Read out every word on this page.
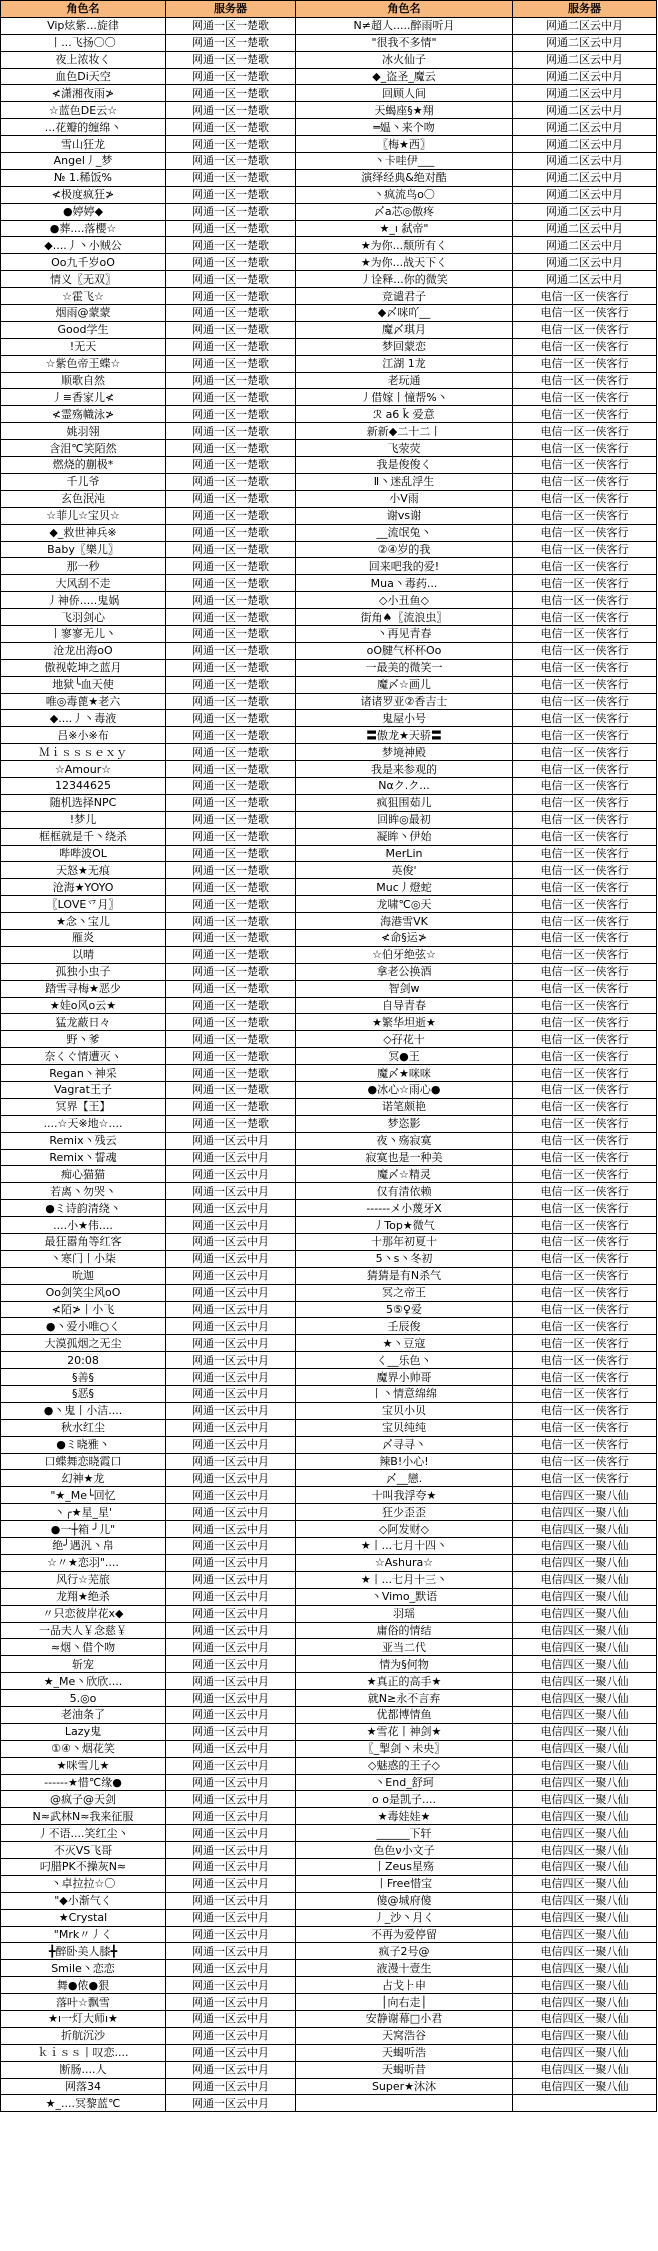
角色名	服务器	角色名	服务器
Vip炫紫...旋律	网通一区一楚歌	N≠超人.....醉雨听月	网通二区云中月
丨...飞扬〇〇	网通一区一楚歌	"很我不多情"	网通二区云中月
夜上浓妆く	网通一区一楚歌	冰火仙子	网通二区云中月
血色Di天空	网通一区一楚歌	◆_盗圣_魔云	网通二区云中月
≮潇湘夜雨≯	网通一区一楚歌	回顾人间	网通二区云中月
☆蓝色DE云☆	网通一区一楚歌	天蝎座§★翔	网通二区云中月
...花瓣的缠绵丶	网通一区一楚歌	═媪丶来个吻	网通二区云中月
雪山狂龙	网通一区一楚歌	〖梅★西〗	网通二区云中月
Angel丿_梦	网通一区一楚歌	丶卡哇伊___	网通二区云中月
№ 1.稀饭%	网通一区一楚歌	演绎经典&绝对酷	网通二区云中月
≮极度疯狂≯	网通一区一楚歌	丶疯流鸟o〇	网通二区云中月
●婷婷◆	网通一区一楚歌	〆a芯◎傲疼	网通二区云中月
●葬....落櫻☆	网通一区一楚歌	★_ı 弑帝"	网通二区云中月
◆....丿丶小贼公	网通一区一楚歌	★为你...颓所有く	网通二区云中月
Oo九千岁oO	网通一区一楚歌	★为你...战天下く	网通二区云中月
情义〖无双〗	网通一区一楚歌	丿诠释...你的微笑	网通二区云中月
☆霍飞☆	网通一区一楚歌	竞谴君子	电信一区一侠客行
烟雨@蒙蒙	网通一区一楚歌	◆〆咪吖__	电信一区一侠客行
Good学生	网通一区一楚歌	魔〆琪月	电信一区一侠客行
!无天	网通一区一楚歌	梦回蒙恋	电信一区一侠客行
☆紫色帝王蝶☆	网通一区一楚歌	江湖 1龙	电信一区一侠客行
顺歌自然	网通一区一楚歌	老玩通	电信一区一侠客行
丿≡香家儿≮	网通一区一楚歌	丿借嫁丨憧帮%丶	电信一区一侠客行
≮霊殇幟泳≯	网通一区一楚歌	ℛ a6 ǩ 爱意	电信一区一侠客行
姚羽翎	网通一区一楚歌	新新◆二十二丨	电信一区一侠客行
含泪℃笑陌然	网通一区一楚歌	飞荥荧	电信一区一侠客行
燃烧的蒯极*	网通一区一楚歌	我是俊俊く	电信一区一侠客行
千儿爷	网通一区一楚歌	Ⅱ丶迷乱浮生	电信一区一侠客行
玄色泯沌	网通一区一楚歌	小V雨	电信一区一侠客行
☆菲儿☆宝贝☆	网通一区一楚歌	谢vs谢	电信一区一侠客行
◆_救世神兵※	网通一区一楚歌	__流氓兔丶	电信一区一侠客行
Baby〖樂儿〗	网通一区一楚歌	②④岁的我	电信一区一侠客行
那一秒	网通一区一楚歌	回来吧我的爱!	电信一区一侠客行
大风刮不走	网通一区一楚歌	Mua丶毒药...	电信一区一侠客行
丿神侨.....鬼娲	网通一区一楚歌	◇小丑鱼◇	电信一区一侠客行
飞羽剑心	网通一区一楚歌	街角♠〖流浪虫〗	电信一区一侠客行
丨寥寥无儿丶	网通一区一楚歌	丶再见青春	电信一区一侠客行
沧龙出海oO	网通一区一楚歌	oO腱气杯杯Oo	电信一区一侠客行
傲视乾坤之蓝月	网通一区一楚歌	一最美的微笑一	电信一区一侠客行
地狱╰血天使	网通一区一楚歌	魔〆☆画儿	电信一区一侠客行
唯◎毒蓖★老六	网通一区一楚歌	诸诸罗亚②香吉士	电信一区一侠客行
◆....丿丶毒液	网通一区一楚歌	鬼屋小号	电信一区一侠客行
吕※小※布	网通一区一楚歌	〓傲龙★天骄〓	电信一区一侠客行
Ｍｉｓｓｓｅｘｙ	网通一区一楚歌	梦境神殿	电信一区一侠客行
☆Amour☆	网通一区一楚歌	我是来参观的	电信一区一侠客行
12344625	网通一区一楚歌	Nαク.ク...	电信一区一侠客行
随机选择NPC	网通一区一楚歌	疯狙围茹儿	电信一区一侠客行
!梦儿	网通一区一楚歌	回眸◎最初	电信一区一侠客行
框框就是千丶绕杀	网通一区一楚歌	凝眸丶伊始	电信一区一侠客行
哔哔波OL	网通一区一楚歌	MerLin	电信一区一侠客行
天怒★无痕	网通一区一楚歌	英俊'	电信一区一侠客行
沧海★YOYO	网通一区一楚歌	Muc丿燈蛇	电信一区一侠客行
〖LOVE乊月〗	网通一区一楚歌	龙啸℃◎天	电信一区一侠客行
★念丶宝儿	网通一区一楚歌	海港雪VK	电信一区一侠客行
雁炎	网通一区一楚歌	≮命§运≯	电信一区一侠客行
以晴	网通一区一楚歌	☆伯牙绝弦☆	电信一区一侠客行
孤独小虫子	网通一区一楚歌	拿老公换酒	电信一区一侠客行
踏雪寻梅★恶少	网通一区一楚歌	智剑w	电信一区一侠客行
★娃o风o云★	网通一区一楚歌	自导青春	电信一区一侠客行
猛龙蔽日々	网通一区一楚歌	★繁华坦逝★	电信一区一侠客行
野丶爹	网通一区一楚歌	◇孖花十	电信一区一侠客行
奈くぐ情遭灭ヽ	网通一区一楚歌	冥●王	电信一区一侠客行
Regan丶神采	网通一区一楚歌	魔〆★咪咪	电信一区一侠客行
Vagrat王子	网通一区一楚歌	●冰心☆雨心●	电信一区一侠客行
冥界【王】	网通一区一楚歌	诺笔颇艳	电信一区一侠客行
....☆天※地☆....	网通一区一楚歌	梦恣影	电信一区一侠客行
Remix丶残云	网通一区云中月	夜丶殇寂寞	电信一区一侠客行
Remix丶誓魂	网通一区云中月	寂寞也是一种美	电信一区一侠客行
痴心猫猫	网通一区云中月	魔〆☆精灵	电信一区一侠客行
若离丶勿哭丶	网通一区云中月	仅有清依赖	电信一区一侠客行
●ミ诗韵清绕丶	网通一区云中月	------メ小蔑牙X	电信一区一侠客行
....小★伟....	网通一区云中月	丿Top★微气	电信一区一侠客行
最狂嚣角等红客	网通一区云中月	十那年初夏十	电信一区一侠客行
丶寒门丨小柒	网通一区云中月	5丶s丶冬初	电信一区一侠客行
吮迦	网通一区云中月	猜猜是有N杀气	电信一区一侠客行
Oo剑笑尘风oO	网通一区云中月	冥之帝王	电信一区一侠客行
≮陌≯丨小飞	网通一区云中月	5⑤♀爱	电信一区一侠客行
●丶爱小唯○く	网通一区云中月	壬辰俊	电信一区一侠客行
大漠孤烟之无尘	网通一区云中月	★丶豆寇	电信一区一侠客行
20:08	网通一区云中月	く__乐色丶	电信一区一侠客行
§善§	网通一区云中月	魔界小帅哥	电信一区一侠客行
§恶§	网通一区云中月	丨丶情意绵绵	电信一区一侠客行
●丶鬼丨小洁....	网通一区云中月	宝贝小贝	电信一区一侠客行
秋水红尘	网通一区云中月	宝贝纯纯	电信一区一侠客行
●ミ晓雅丶	网通一区云中月	〆寻寻丶	电信一区一侠客行
口蝶舞恋晓霞口	网通一区云中月	辣B!小心!	电信一区一侠客行
幻神★龙	网通一区云中月	〆__戀.	电信一区一侠客行
"★_Me└回忆	网通一区云中月	十叫我浮夸★	电信四区一聚八仙
丶╭★星_星'	网通一区云中月	狂少歪歪	电信四区一聚八仙
●一┼箱 ╯儿"	网通一区云中月	◇阿发财◇	电信四区一聚八仙
绝╯遇汎丶帛	网通一区云中月	★丨...七月十四丶	电信四区一聚八仙
☆〃★恋羽"....	网通一区云中月	☆Ashura☆	电信四区一聚八仙
风行☆芜旅	网通一区云中月	★丨...七月十三丶	电信四区一聚八仙
龙翔★绝杀	网通一区云中月	丶Vimo_默语	电信四区一聚八仙
〃只恋彼岸花ⅹ◆	网通一区云中月	羽瑶	电信四区一聚八仙
一品夫人￥念慈￥	网通一区云中月	庸俗的情结	电信四区一聚八仙
≈烟丶借个吻	网通一区云中月	亚当二代	电信四区一聚八仙
斩宠	网通一区云中月	情为§何物	电信四区一聚八仙
★_Me丶欣欣....	网通一区云中月	★真正的高手★	电信四区一聚八仙
5.◎o	网通一区云中月	就N≥永不言弃	电信四区一聚八仙
老油条了	网通一区云中月	优都博情鱼	电信四区一聚八仙
Lazy鬼	网通一区云中月	★雪花丨神剑★	电信四区一聚八仙
①④丶烟花笑	网通一区云中月	〖_掣剑丶未央〗	电信四区一聚八仙
★咪雪儿★	网通一区云中月	◇魅惑的王子◇	电信四区一聚八仙
------★惜℃缘●	网通一区云中月	丶End_舒珂	电信四区一聚八仙
@疯子@天剑	网通一区云中月	o o是凯子....	电信四区一聚八仙
N≈武林N≈我来征服	网通一区云中月	★毒娃娃★	电信四区一聚八仙
丿不语....笑红尘丶	网通一区云中月	______下轩	电信四区一聚八仙
不灭VS飞哥	网通一区云中月	色色ν小文子	电信四区一聚八仙
叼腊PK不操灰N≈	网通一区云中月	丨Zeus星殇	电信四区一聚八仙
丶卓拉拉☆〇	网通一区云中月	丨Free惜宝	电信四区一聚八仙
"◆小渐气く	网通一区云中月	傻@城府傻	电信四区一聚八仙
★Crystal	网通一区云中月	丿_沙丶月く	电信四区一聚八仙
"Mrk〃丿く	网通一区云中月	不再为爱停留	电信四区一聚八仙
╋醉卧美人膝╋	网通一区云中月	疯子2号@	电信四区一聚八仙
Smile丶恋恋	网通一区云中月	液漫十壹生	电信四区一聚八仙
舞●侬●狠	网通一区云中月	占戈⺊申	电信四区一聚八仙
落叶☆飘雪	网通一区云中月	│向右走│	电信四区一聚八仙
★ı一灯大师ı★	网通一区云中月	安静谢幕□小君	电信四区一聚八仙
折航沉沙	网通一区云中月	天窝浩谷	电信四区一聚八仙
ｋｉｓｓ丨叹恋....	网通一区云中月	天蝎听浩	电信四区一聚八仙
断肠....人	网通一区云中月	天蝎听昔	电信四区一聚八仙
网落34	网通一区云中月	Super★沐沐	电信四区一聚八仙
★_....冥黎蓝℃	网通一区云中月		
